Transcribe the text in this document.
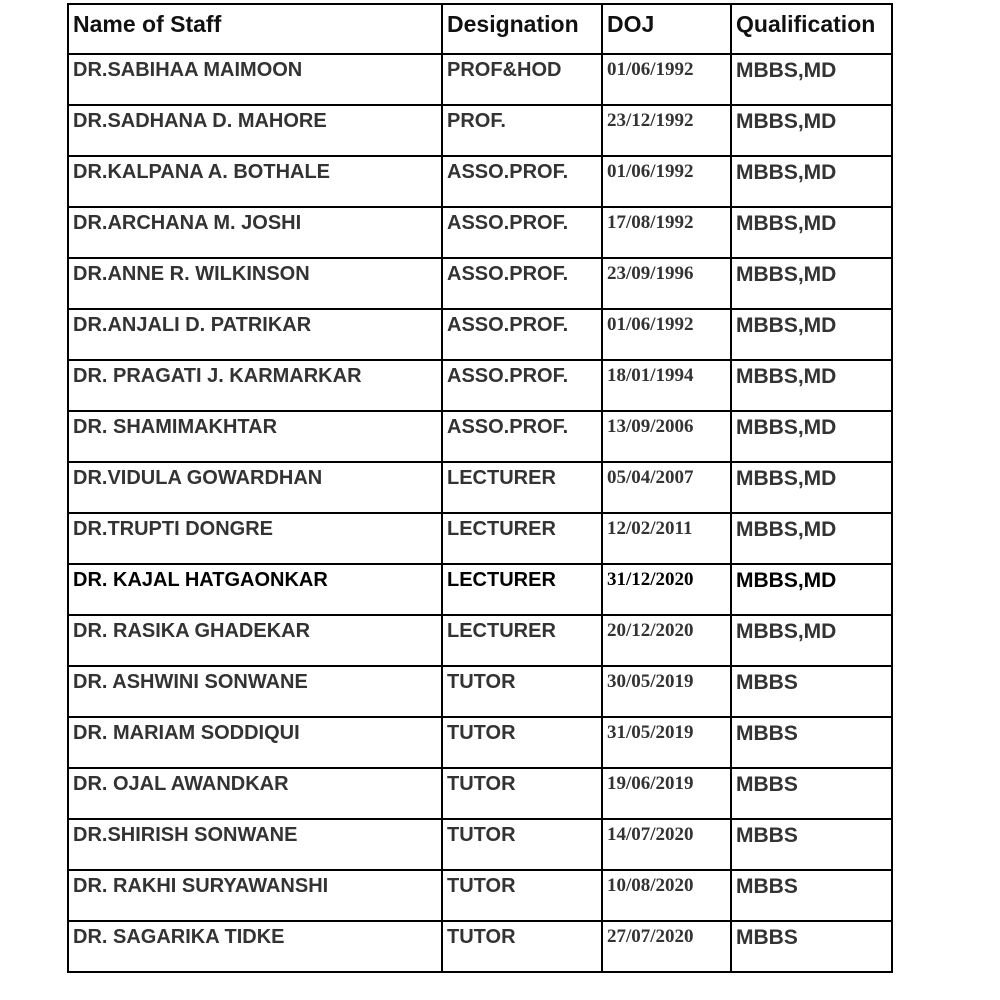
Name of Staff	Designation	DOJ	Qualification
DR.SABIHAA MAIMOON	PROF&HOD	01/06/1992	MBBS,MD
DR.SADHANA D. MAHORE	PROF.	23/12/1992	MBBS,MD
DR.KALPANA A. BOTHALE	ASSO.PROF.	01/06/1992	MBBS,MD
DR.ARCHANA M. JOSHI	ASSO.PROF.	17/08/1992	MBBS,MD
DR.ANNE R. WILKINSON	ASSO.PROF.	23/09/1996	MBBS,MD
DR.ANJALI D. PATRIKAR	ASSO.PROF.	01/06/1992	MBBS,MD
DR. PRAGATI J. KARMARKAR	ASSO.PROF.	18/01/1994	MBBS,MD
DR. SHAMIMAKHTAR	ASSO.PROF.	13/09/2006	MBBS,MD
DR.VIDULA GOWARDHAN	LECTURER	05/04/2007	MBBS,MD
DR.TRUPTI DONGRE	LECTURER	12/02/2011	MBBS,MD
DR. KAJAL HATGAONKAR	LECTURER	31/12/2020	MBBS,MD
DR. RASIKA GHADEKAR	LECTURER	20/12/2020	MBBS,MD
DR. ASHWINI SONWANE	TUTOR	30/05/2019	MBBS
DR. MARIAM SODDIQUI	TUTOR	31/05/2019	MBBS
DR. OJAL AWANDKAR	TUTOR	19/06/2019	MBBS
DR.SHIRISH SONWANE	TUTOR	14/07/2020	MBBS
DR. RAKHI SURYAWANSHI	TUTOR	10/08/2020	MBBS
DR. SAGARIKA TIDKE	TUTOR	27/07/2020	MBBS
